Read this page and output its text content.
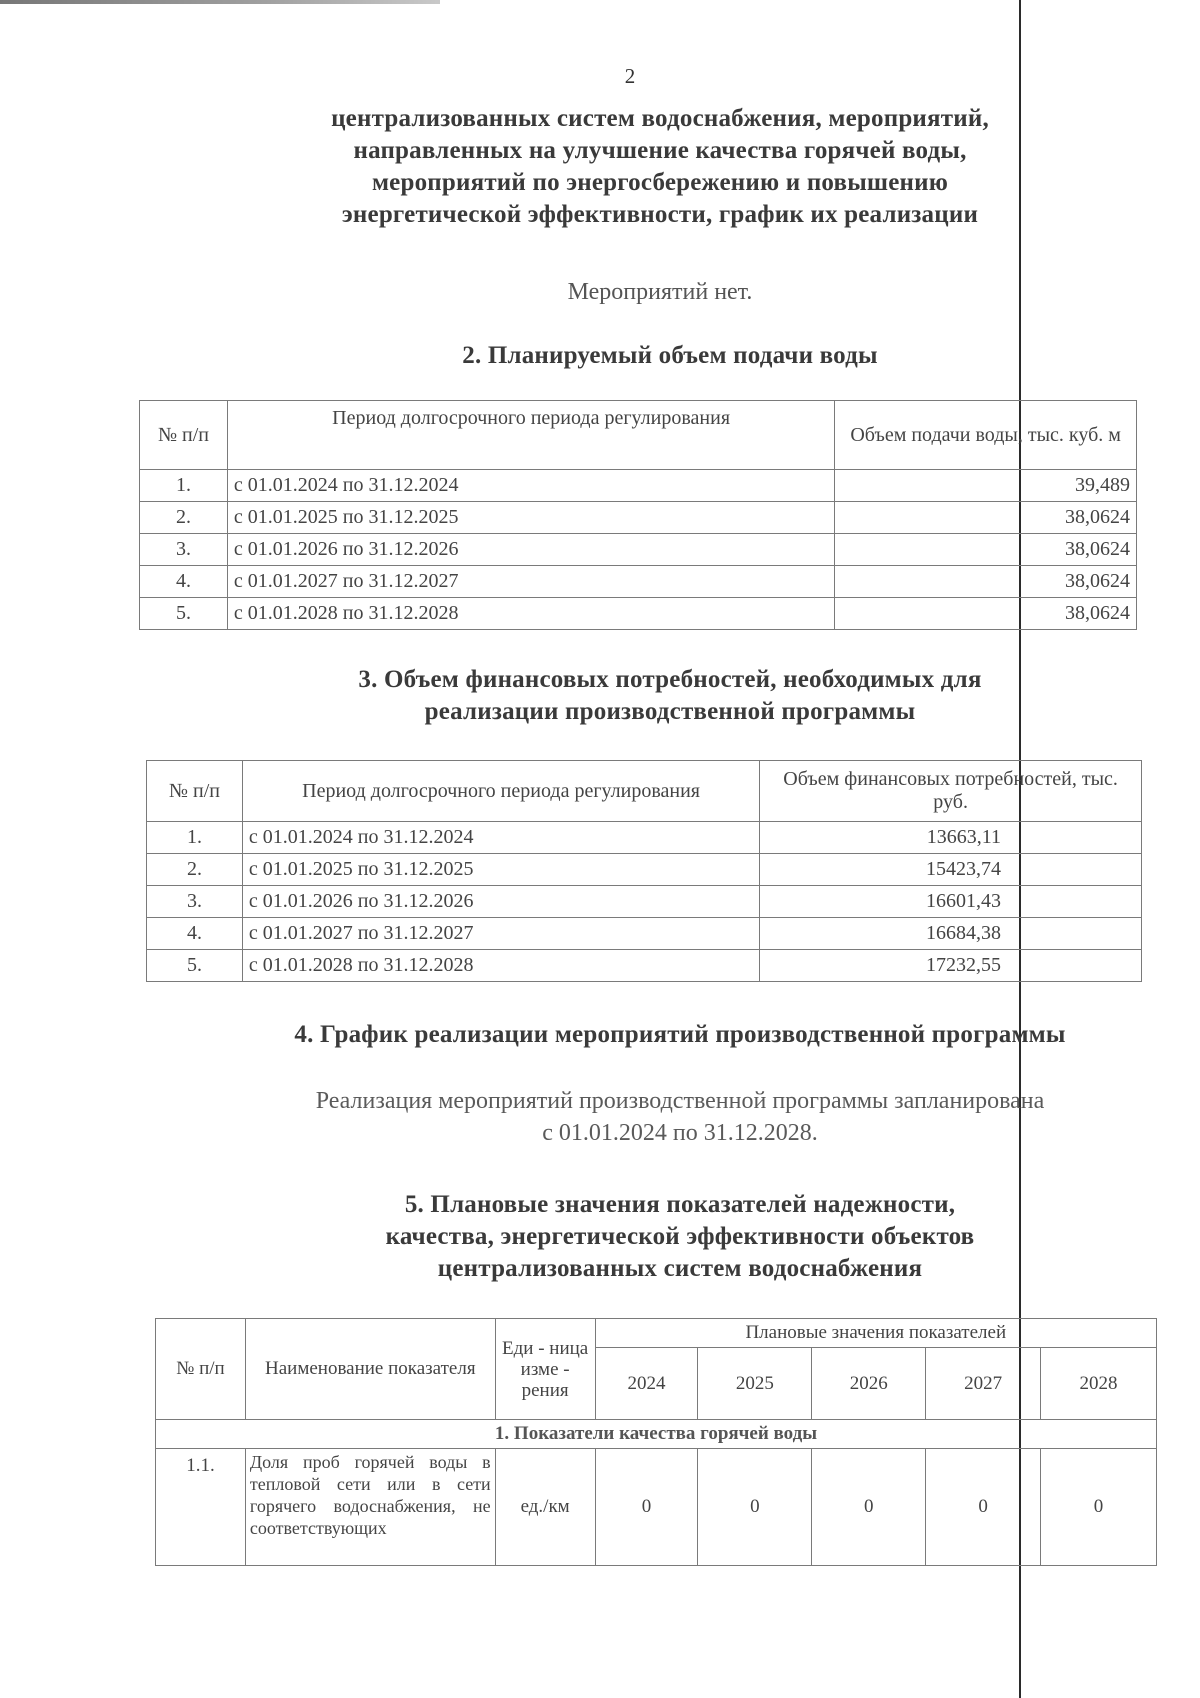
2
централизованных систем водоснабжения, мероприятий,
направленных на улучшение качества горячей воды,
мероприятий по энергосбережению и повышению
энергетической эффективности, график их реализации
Мероприятий нет.
2. Планируемый объем подачи воды
№ п/п	Период долгосрочного периода регулирования	Объем подачи воды, тыс. куб. м
1.	с 01.01.2024 по 31.12.2024	39,489
2.	с 01.01.2025 по 31.12.2025	38,0624
3.	с 01.01.2026 по 31.12.2026	38,0624
4.	с 01.01.2027 по 31.12.2027	38,0624
5.	с 01.01.2028 по 31.12.2028	38,0624
3. Объем финансовых потребностей, необходимых для
реализации производственной программы
№ п/п	Период долгосрочного периода регулирования	Объем финансовых потребностей, тыс. руб.
1.	с 01.01.2024 по 31.12.2024	13663,11
2.	с 01.01.2025 по 31.12.2025	15423,74
3.	с 01.01.2026 по 31.12.2026	16601,43
4.	с 01.01.2027 по 31.12.2027	16684,38
5.	с 01.01.2028 по 31.12.2028	17232,55
4. График реализации мероприятий производственной программы
Реализация мероприятий производственной программы запланирована
с 01.01.2024 по 31.12.2028.
5. Плановые значения показателей надежности,
качества, энергетической эффективности объектов
централизованных систем водоснабжения
№ п/п	Наименование показателя	Еди - ница изме - рения	Плановые значения показателей				
			2024	2025	2026	2027	2028
1. Показатели качества горячей воды							
1.1.	Доля проб горячей воды в тепловой сети или в сети горячего водоснабжения, не соответствующих	ед./км	0	0	0	0	0
